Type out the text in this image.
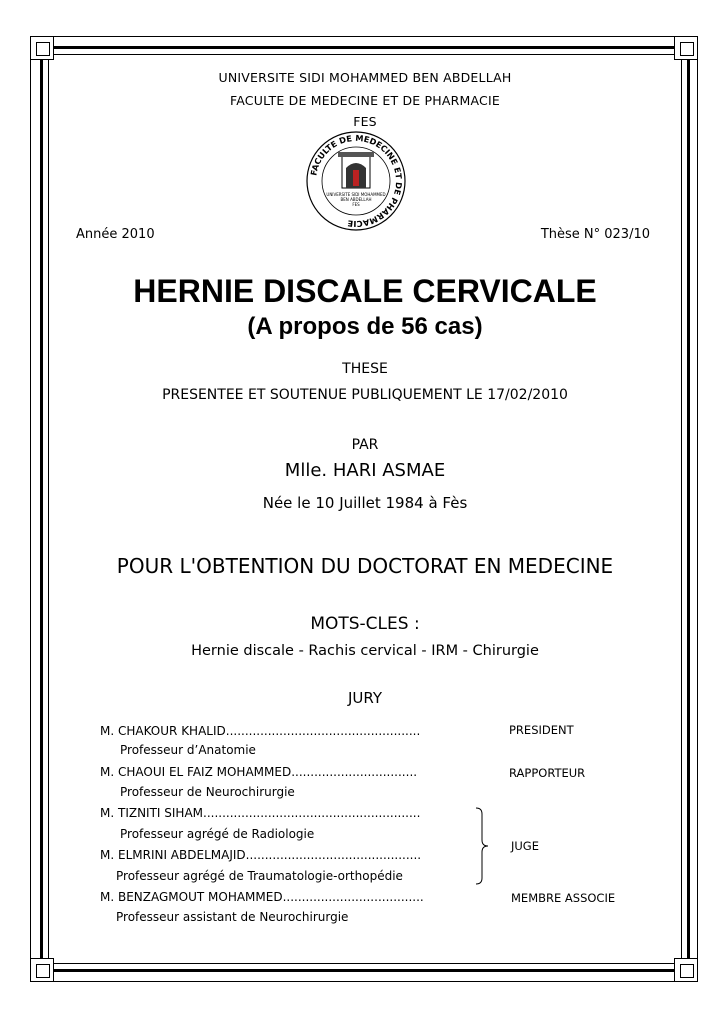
UNIVERSITE SIDI MOHAMMED BEN ABDELLAH
FACULTE DE MEDECINE ET DE PHARMACIE
FES
FACULTE DE MEDECINE ET DE PHARMACIE
UNIVERSITE SIDI MOHAMMED
BEN ABDELLAH
FES
Année 2010	Thèse N° 023/10
HERNIE DISCALE CERVICALE
(A propos de 56 cas)
THESE
PRESENTEE ET SOUTENUE PUBLIQUEMENT LE 17/02/2010
PAR
Mlle. HARI ASMAE
Née le 10 Juillet 1984 à Fès
POUR L'OBTENTION DU DOCTORAT EN MEDECINE
MOTS-CLES :
Hernie discale - Rachis cervical - IRM - Chirurgie
JURY
M. CHAKOUR KHALID...................................................
Professeur d’Anatomie
PRESIDENT
M. CHAOUI EL FAIZ MOHAMMED.................................
Professeur de Neurochirurgie
RAPPORTEUR
M. TIZNITI SIHAM.........................................................
Professeur agrégé de Radiologie
M. ELMRINI ABDELMAJID..............................................
Professeur agrégé de Traumatologie-orthopédie
JUGE
M. BENZAGMOUT MOHAMMED.....................................
Professeur assistant de Neurochirurgie
MEMBRE ASSOCIE
